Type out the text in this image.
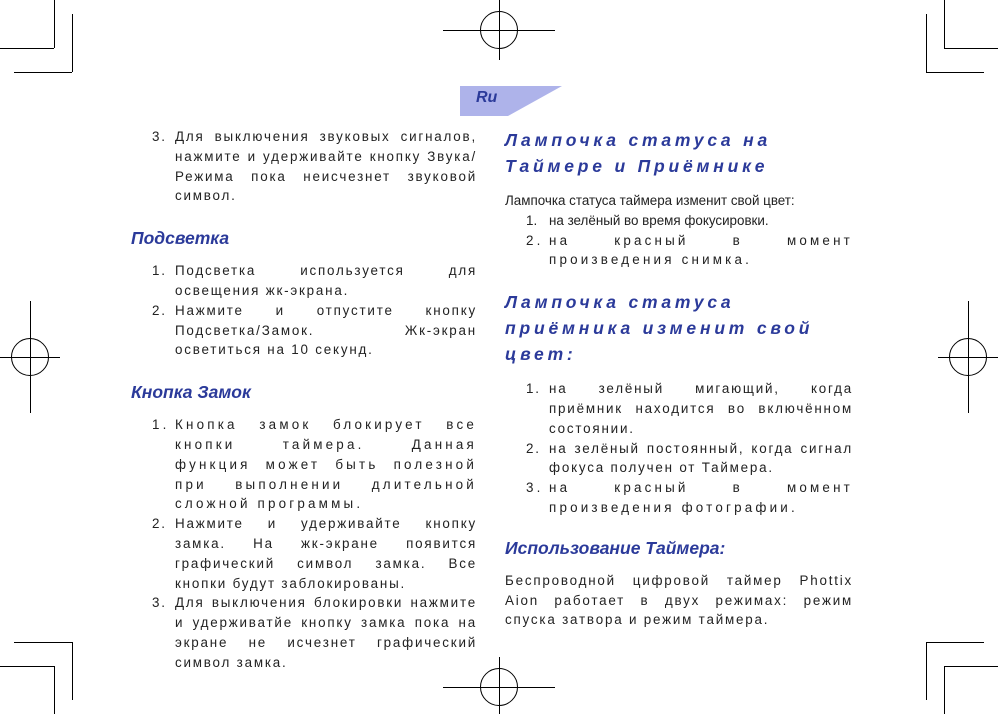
Ru
3. Для выключения звуковых сигналов, нажмите и удерживайте кнопку Звука/Режима пока неисчезнет звуковой символ.
Подсветка
1. Подсветка используется для освещения жк-экрана.
2. Нажмите и отпустите кнопку Подсветка/Замок. Жк-экран осветиться на 10 секунд.
Кнопка Замок
1. Кнопка замок блокирует все кнопки таймера. Данная функция может быть полезной при выполнении длительной сложной программы.
2. Нажмите и удерживайте кнопку замка. На жк-экране появится графический символ замка. Все кнопки будут заблокированы.
3. Для выключения блокировки нажмите и удерживатйе кнопку замка пока на экране не исчезнет графический символ замка.
Лампочка статуса на Таймере и Приёмнике

Лампочка статуса таймера изменит свой цвет:

1. на зелёный во время фокусировки.
2. на красный в момент произведения снимка.
Лампочка статуса приёмника изменит свой цвет:
1. на зелёный мигающий, когда приёмник находится во включённом состоянии.
2. на зелёный постоянный, когда сигнал фокуса получен от Таймера.
3. на красный в момент произведения фотографии.
Использование Таймера:

Беспроводной цифровой таймер Phottix Aion работает в двух режимах: режим спуска затвора и режим таймера.
